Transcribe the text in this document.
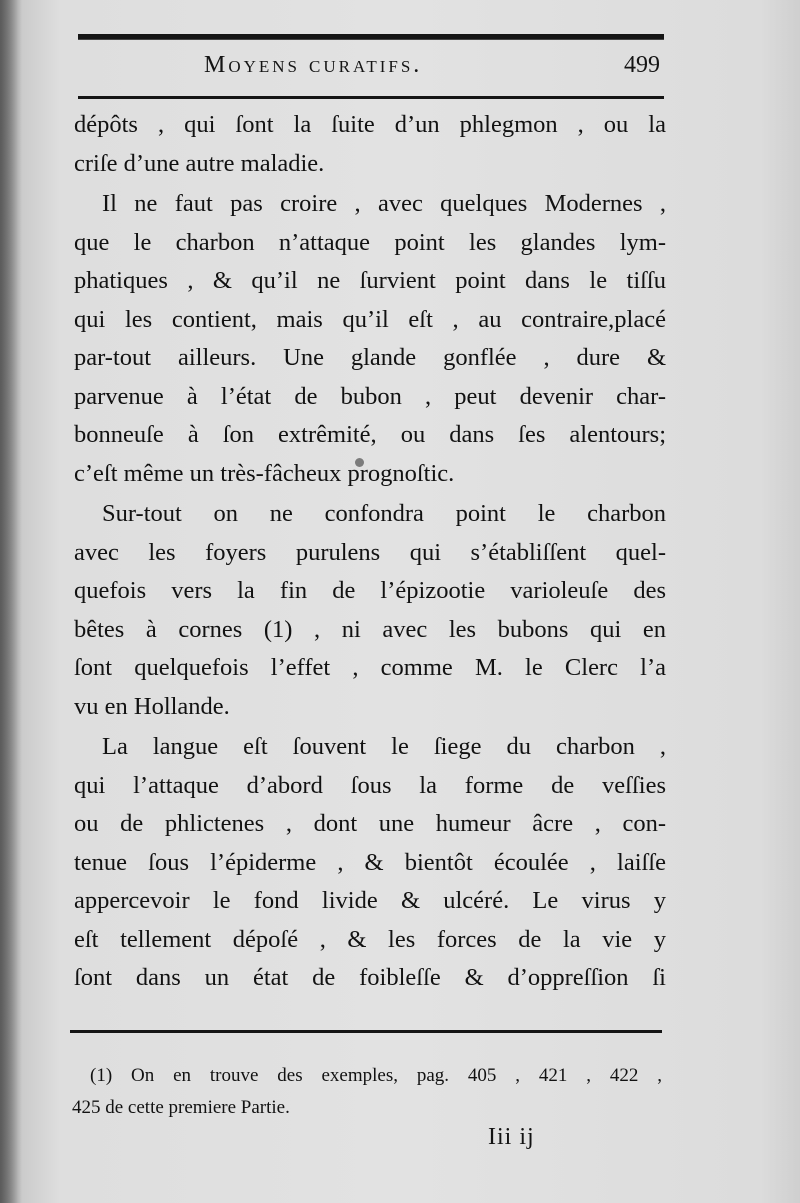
Moyens curatifs.	499
dépôts , qui ſont la ſuite d’un phlegmon , ou la
criſe d’une autre maladie.
Il ne faut pas croire , avec quelques Modernes ,
que le charbon n’attaque point les glandes lym-
phatiques , & qu’il ne ſurvient point dans le tiſſu
qui les contient, mais qu’il eſt , au contraire,placé
par-tout ailleurs. Une glande gonflée , dure &
parvenue à l’état de bubon , peut devenir char-
bonneuſe à ſon extrêmité, ou dans ſes alentours;
c’eſt même un très-fâcheux prognoſtic.
Sur-tout on ne confondra point le charbon
avec les foyers purulens qui s’établiſſent quel-
quefois vers la fin de l’épizootie varioleuſe des
bêtes à cornes (1) , ni avec les bubons qui en
ſont quelquefois l’effet , comme M. le Clerc l’a
vu en Hollande.
La langue eſt ſouvent le ſiege du charbon ,
qui l’attaque d’abord ſous la forme de veſſies
ou de phlictenes , dont une humeur âcre , con-
tenue ſous l’épiderme , & bientôt écoulée , laiſſe
appercevoir le fond livide & ulcéré. Le virus y
eſt tellement dépoſé , & les forces de la vie y
ſont dans un état de foibleſſe & d’oppreſſion ſi
(1) On en trouve des exemples, pag. 405 , 421 , 422 ,
425 de cette premiere Partie.
Iii ij
